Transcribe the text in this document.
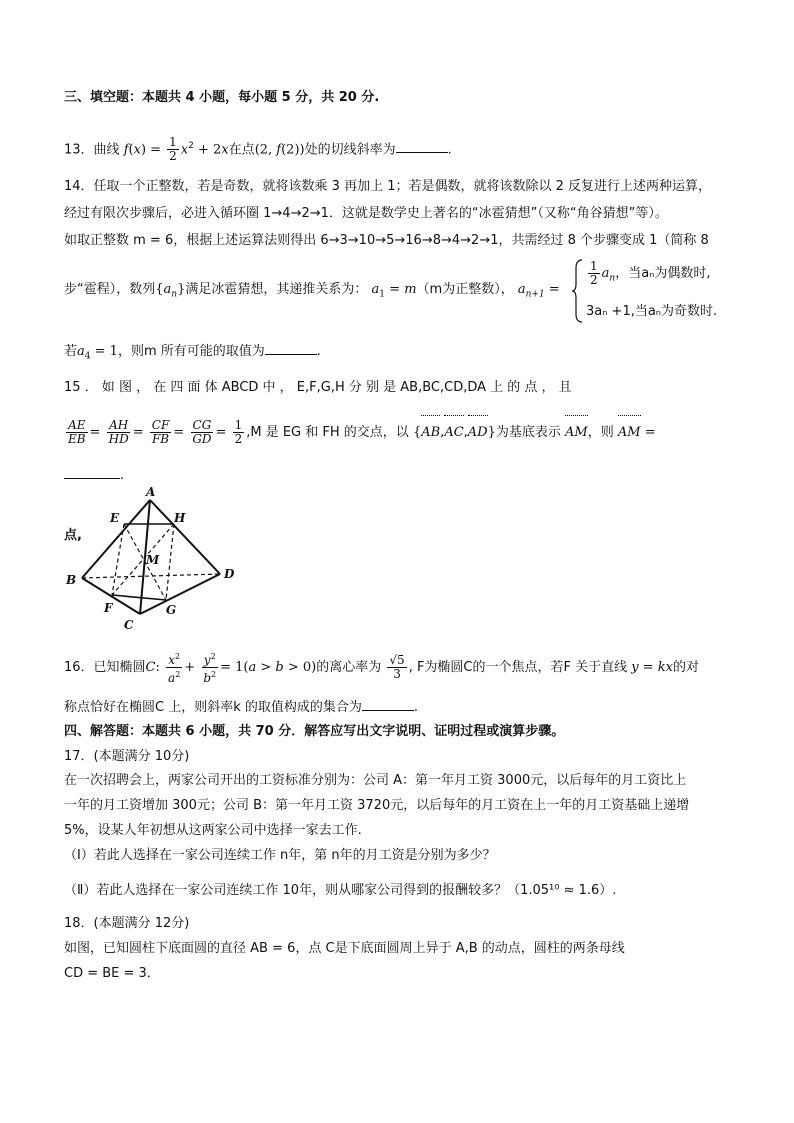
三、填空题：本题共 4 小题，每小题 5 分，共 20 分.
13．曲线 $f(x) = \frac{1}{2} x^2 + 2x$在点(2, f(2))处的切线斜率为	.
14．任取一个正整数，若是奇数，就将该数乘 3 再加上 1；若是偶数，就将该数除以 2 反复进行上述两种运算，
经过有限次步骤后，必进入循环圈 1→4→2→1．这就是数学史上著名的“冰雹猜想”（又称“角谷猜想”等）。
如取正整数 m = 6，根据上述运算法则得出 6→3→10→5→16→8→4→2→1，共需经过 8 个步骤变成 1（简称 8
步“雹程），数列$\{a_n\}$满足冰雹猜想，其递推关系为： $a_1 = m(m$为正整数）， $a_{n+1}$ =
$\frac{1}{2} a_n$，当aₙ为偶数时,
3aₙ +1,当aₙ为奇数时.
若$a_4 = 1$，则m 所有可能的取值为	.
15 ． 如 图 ， 在 四 面 体 ABCD 中 ， E,F,G,H 分 别 是 AB,BC,CD,DA 上 的 点 ， 且
$\frac{AE}{EB} = \frac{AH}{HD} = \frac{CF}{FB} = \frac{CG}{GD} = \frac{1}{2} ,M$ 是 EG 和 FH 的交点，以 {AB,AC,AD}为基底表示 AM，则 AM =
.
点,
A
E	H
M
B	D
F	G
C
16．已知椭圆C: $\frac{x^2}{a^2} + \frac{y^2}{b^2} = 1(a > b > 0)$的离心率为 $\frac{√5}{3}$ , F为椭圆C的一个焦点，若F 关于直线 y = kx的对
称点恰好在椭圆C 上，则斜率k 的取值构成的集合为	.
四、解答题：本题共 6 小题，共 70 分．解答应写出文字说明、证明过程或演算步骤。
17．(本题满分 10分)
在一次招聘会上，两家公司开出的工资标准分别为：公司 A：第一年月工资 3000元，以后每年的月工资比上
一年的月工资增加 300元；公司 B：第一年月工资 3720元，以后每年的月工资在上一年的月工资基础上递增
5%，设某人年初想从这两家公司中选择一家去工作.
（Ⅰ）若此人选择在一家公司连续工作 n年，第 n年的月工资是分别为多少？
（Ⅱ）若此人选择在一家公司连续工作 10年，则从哪家公司得到的报酬较多？（1.05¹⁰ ≈ 1.6）.
18．(本题满分 12分)
如图，已知圆柱下底面圆的直径 AB = 6，点 C是下底面圆周上异于 A,B 的动点，圆柱的两条母线
CD = BE = 3．
